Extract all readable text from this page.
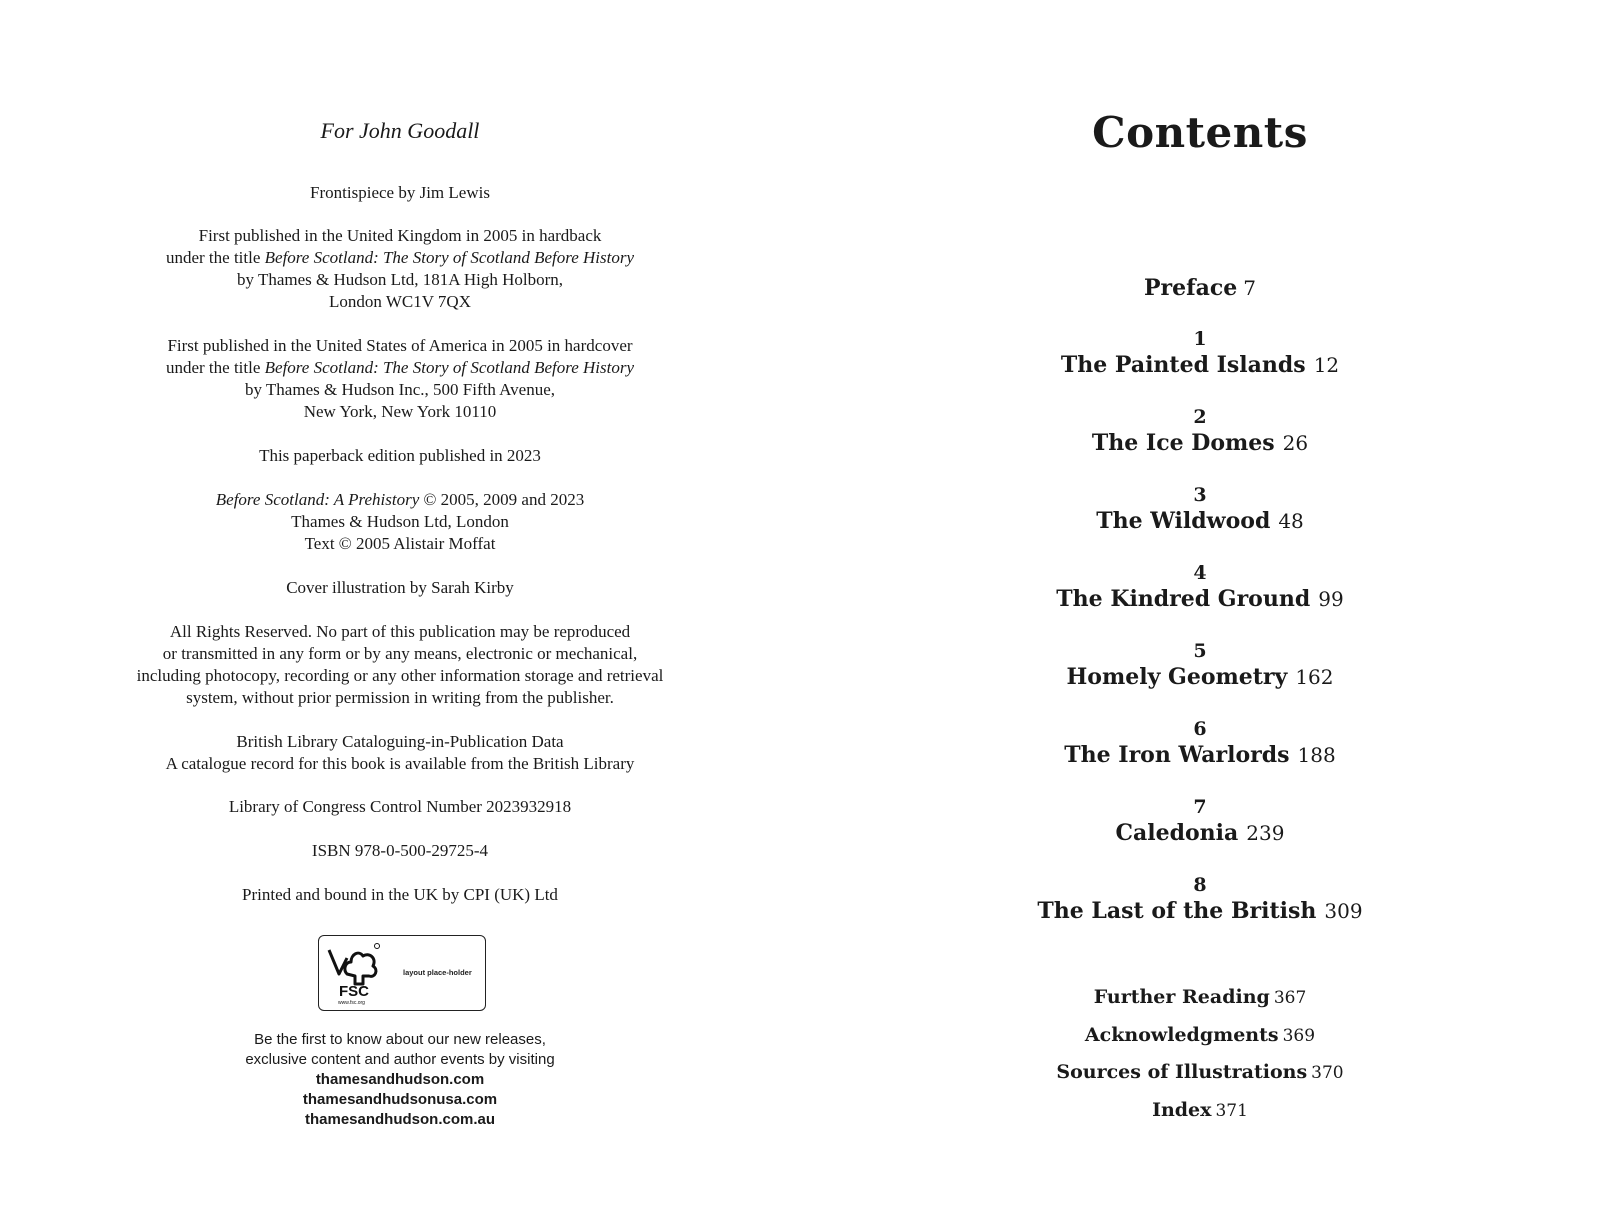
For John Goodall
Frontispiece by Jim Lewis

First published in the United Kingdom in 2005 in hardback

under the title Before Scotland: The Story of Scotland Before History

by Thames & Hudson Ltd, 181A High Holborn,

London WC1V 7QX

First published in the United States of America in 2005 in hardcover

under the title Before Scotland: The Story of Scotland Before History

by Thames & Hudson Inc., 500 Fifth Avenue,

New York, New York 10110

This paperback edition published in 2023

Before Scotland: A Prehistory © 2005, 2009 and 2023

Thames & Hudson Ltd, London

Text © 2005 Alistair Moffat

Cover illustration by Sarah Kirby

All Rights Reserved. No part of this publication may be reproduced

or transmitted in any form or by any means, electronic or mechanical,

including photocopy, recording or any other information storage and retrieval

system, without prior permission in writing from the publisher.

British Library Cataloguing-in-Publication Data

A catalogue record for this book is available from the British Library

Library of Congress Control Number 2023932918
ISBN 978-0-500-29725-4
Printed and bound in the UK by CPI (UK) Ltd
FSC
www.fsc.org
layout place-holder
Be the first to know about our new releases,
exclusive content and author events by visiting
thamesandhudson.com
thamesandhudsonusa.com
thamesandhudson.com.au
Contents
Preface 7
1
The Painted Islands 12
2
The Ice Domes 26
3
The Wildwood 48
4
The Kindred Ground 99
5
Homely Geometry 162
6
The Iron Warlords 188
7
Caledonia 239
8
The Last of the British 309
Further Reading 367
Acknowledgments 369
Sources of Illustrations 370
Index 371
